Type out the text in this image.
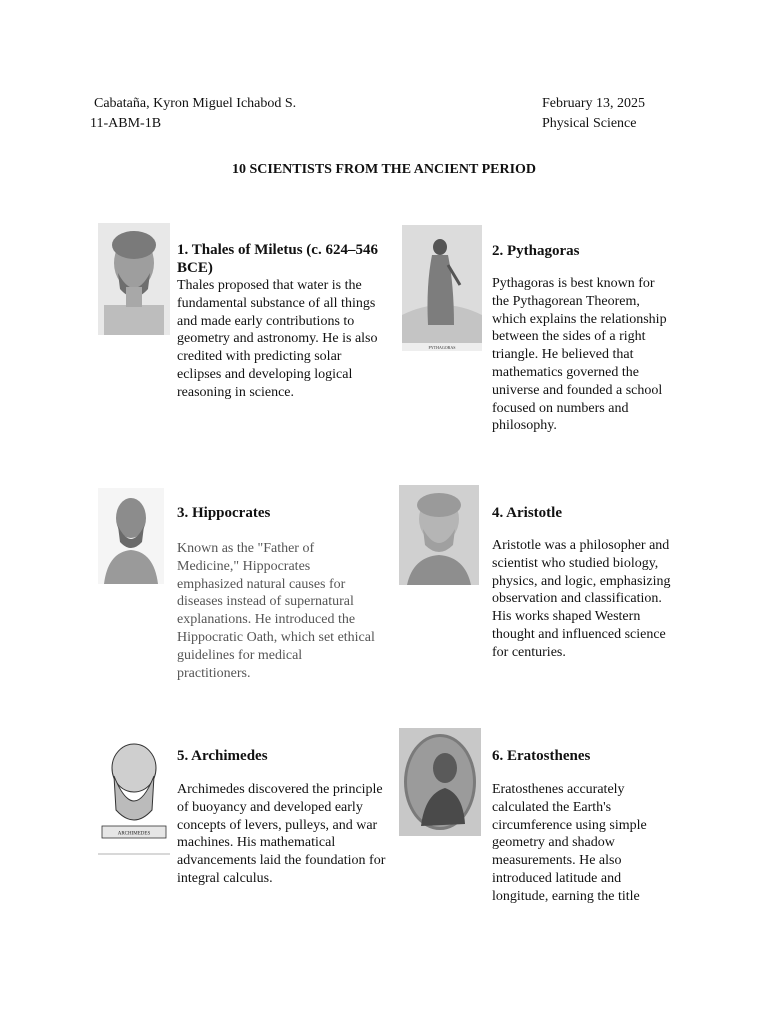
Cabataña, Kyron Miguel Ichabod S.
11-ABM-1B
February 13, 2025
Physical Science
10 SCIENTISTS FROM THE ANCIENT PERIOD
1. Thales of Miletus (c. 624–546 BCE)
Thales proposed that water is the fundamental substance of all things and made early contributions to geometry and astronomy. He is also credited with predicting solar eclipses and developing logical reasoning in science.
PYTHAGORAS
2. Pythagoras
Pythagoras is best known for the Pythagorean Theorem, which explains the relationship between the sides of a right triangle. He believed that mathematics governed the universe and founded a school focused on numbers and philosophy.
3. Hippocrates
Known as the "Father of Medicine," Hippocrates emphasized natural causes for diseases instead of supernatural explanations. He introduced the Hippocratic Oath, which set ethical guidelines for medical practitioners.
4. Aristotle
Aristotle was a philosopher and scientist who studied biology, physics, and logic, emphasizing observation and classification. His works shaped Western thought and influenced science for centuries.
ARCHIMEDES
5. Archimedes
Archimedes discovered the principle of buoyancy and developed early concepts of levers, pulleys, and war machines. His mathematical advancements laid the foundation for integral calculus.
6. Eratosthenes
Eratosthenes accurately calculated the Earth's circumference using simple geometry and shadow measurements. He also introduced latitude and longitude, earning the title
